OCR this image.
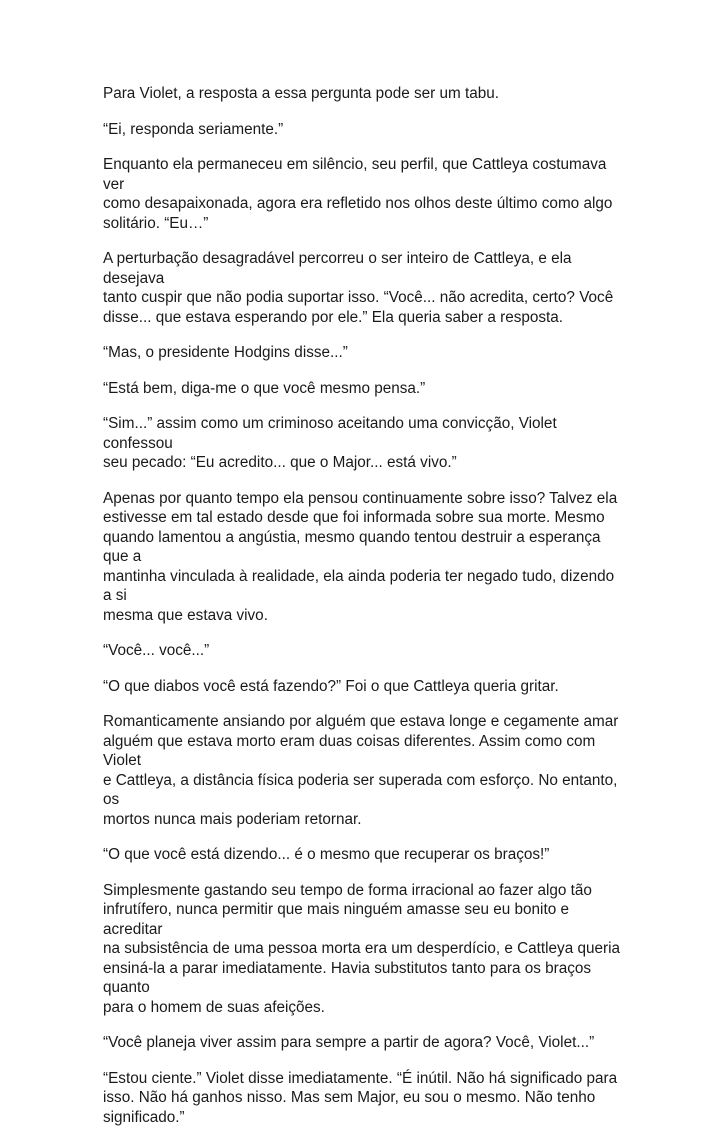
Para Violet, a resposta a essa pergunta pode ser um tabu.

“Ei, responda seriamente.”

Enquanto ela permaneceu em silêncio, seu perfil, que Cattleya costumava ver
como desapaixonada, agora era refletido nos olhos deste último como algo
solitário. “Eu…”

A perturbação desagradável percorreu o ser inteiro de Cattleya, e ela desejava
tanto cuspir que não podia suportar isso. “Você... não acredita, certo? Você
disse... que estava esperando por ele.” Ela queria saber a resposta.

“Mas, o presidente Hodgins disse...”

“Está bem, diga-me o que você mesmo pensa.”

“Sim...” assim como um criminoso aceitando uma convicção, Violet confessou
seu pecado: “Eu acredito... que o Major... está vivo.”

Apenas por quanto tempo ela pensou continuamente sobre isso? Talvez ela
estivesse em tal estado desde que foi informada sobre sua morte. Mesmo
quando lamentou a angústia, mesmo quando tentou destruir a esperança que a
mantinha vinculada à realidade, ela ainda poderia ter negado tudo, dizendo a si
mesma que estava vivo.

“Você... você...”

“O que diabos você está fazendo?” Foi o que Cattleya queria gritar.

Romanticamente ansiando por alguém que estava longe e cegamente amar
alguém que estava morto eram duas coisas diferentes. Assim como com Violet
e Cattleya, a distância física poderia ser superada com esforço. No entanto, os
mortos nunca mais poderiam retornar.

“O que você está dizendo... é o mesmo que recuperar os braços!”

Simplesmente gastando seu tempo de forma irracional ao fazer algo tão
infrutífero, nunca permitir que mais ninguém amasse seu eu bonito e acreditar
na subsistência de uma pessoa morta era um desperdício, e Cattleya queria
ensiná-la a parar imediatamente. Havia substitutos tanto para os braços quanto
para o homem de suas afeições.

“Você planeja viver assim para sempre a partir de agora? Você, Violet...”

“Estou ciente.” Violet disse imediatamente. “É inútil. Não há significado para
isso. Não há ganhos nisso. Mas sem Major, eu sou o mesmo. Não tenho
significado.”
